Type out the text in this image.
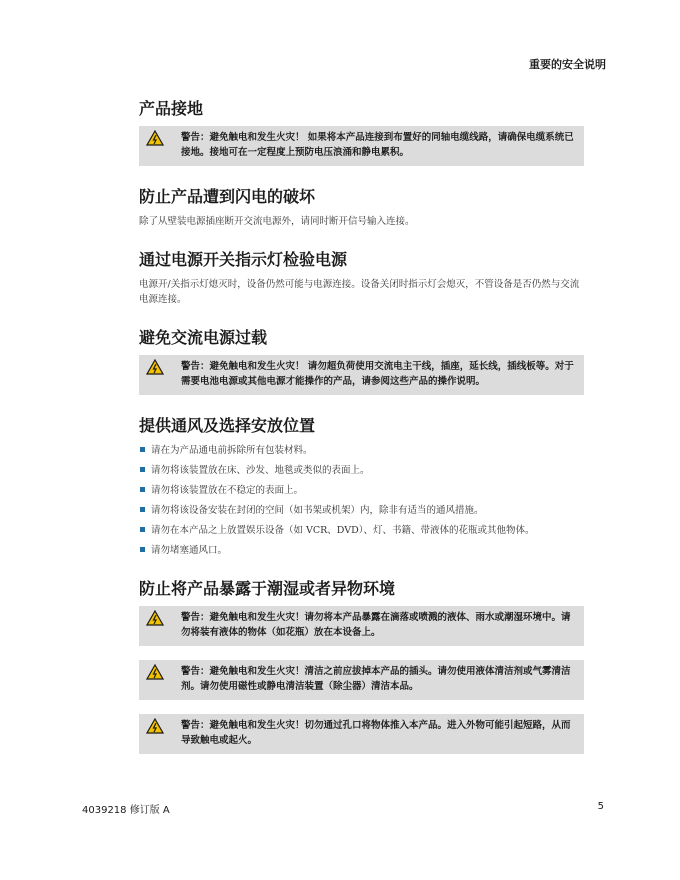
重要的安全说明
产品接地

警告：避免触电和发生火灾！ 如果将本产品连接到布置好的同轴电缆线路，请确保电缆系统已接地。接地可在一定程度上预防电压浪涌和静电累积。

防止产品遭到闪电的破坏

除了从壁装电源插座断开交流电源外，请同时断开信号输入连接。

通过电源开关指示灯检验电源

电源开/关指示灯熄灭时，设备仍然可能与电源连接。设备关闭时指示灯会熄灭，不管设备是否仍然与交流电源连接。

避免交流电源过载

警告：避免触电和发生火灾！ 请勿超负荷使用交流电主干线，插座，延长线，插线板等。对于需要电池电源或其他电源才能操作的产品，请参阅这些产品的操作说明。

提供通风及选择安放位置
请在为产品通电前拆除所有包装材料。
请勿将该装置放在床、沙发、地毯或类似的表面上。
请勿将该装置放在不稳定的表面上。
请勿将该设备安装在封闭的空间（如书架或机架）内，除非有适当的通风措施。
请勿在本产品之上放置娱乐设备（如 VCR、DVD）、灯、书籍、带液体的花瓶或其他物体。
请勿堵塞通风口。
防止将产品暴露于潮湿或者异物环境

警告：避免触电和发生火灾！请勿将本产品暴露在滴落或喷溅的液体、雨水或潮湿环境中。请勿将装有液体的物体（如花瓶）放在本设备上。

警告：避免触电和发生火灾！清洁之前应拔掉本产品的插头。请勿使用液体清洁剂或气雾清洁剂。请勿使用磁性或静电清洁装置（除尘器）清洁本品。

警告：避免触电和发生火灾！切勿通过孔口将物体推入本产品。进入外物可能引起短路，从而导致触电或起火。

4039218 修订版 A	5
